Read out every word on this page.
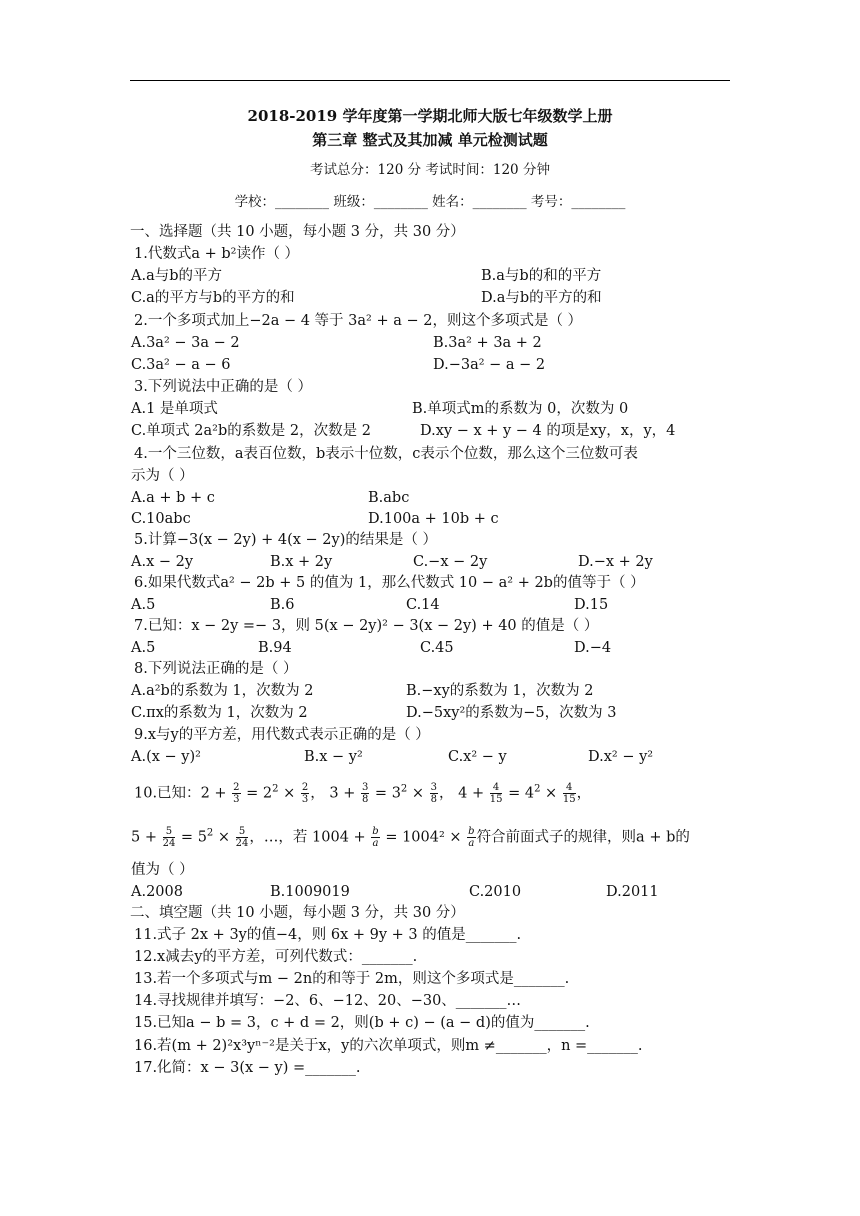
2018-2019 学年度第一学期北师大版七年级数学上册
第三章 整式及其加减 单元检测试题
考试总分：120 分 考试时间：120 分钟
学校：________ 班级：________ 姓名：________ 考号：________
一、选择题（共 10 小题，每小题 3 分，共 30 分）
1.代数式a + b²读作（ ）
A.a与b的平方	B.a与b的和的平方
C.a的平方与b的平方的和	D.a与b的平方的和
2.一个多项式加上−2a − 4 等于 3a² + a − 2，则这个多项式是（ ）
A.3a² − 3a − 2	B.3a² + 3a + 2
C.3a² − a − 6	D.−3a² − a − 2
3.下列说法中正确的是（ ）
A.1 是单项式	B.单项式m的系数为 0，次数为 0
C.单项式 2a²b的系数是 2，次数是 2	D.xy − x + y − 4 的项是xy，x，y，4
4.一个三位数，a表百位数，b表示十位数，c表示个位数，那么这个三位数可表
示为（ ）
A.a + b + c	B.abc
C.10abc	D.100a + 10b + c
5.计算−3(x − 2y) + 4(x − 2y)的结果是（ ）
A.x − 2y	B.x + 2y	C.−x − 2y	D.−x + 2y
6.如果代数式a² − 2b + 5 的值为 1，那么代数式 10 − a² + 2b的值等于（ ）
A.5	B.6	C.14	D.15
7.已知：x − 2y =− 3，则 5(x − 2y)² − 3(x − 2y) + 40 的值是（ ）
A.5	B.94	C.45	D.−4
8.下列说法正确的是（ ）
A.a²b的系数为 1，次数为 2	B.−xy的系数为 1，次数为 2
C.πx的系数为 1，次数为 2	D.−5xy²的系数为−5，次数为 3
9.x与y的平方差，用代数式表示正确的是（ ）
A.(x − y)²	B.x − y²	C.x² − y	D.x² − y²
10.已知：$2 + \frac{2}{3} = 2^2 \times \frac{2}{3}$ ， $3 + \frac{3}{8} = 3^2 \times \frac{3}{8}$ ， $4 + \frac{4}{15} = 4^2 \times \frac{4}{15}$ ，
$5 + \frac{5}{24} = 5^2 \times \frac{5}{24}$ ，…，若 $1004 + \frac{b}{a} = 1004^2 \times \frac{b}{a}$ 符合前面式子的规律，则a + b的
值为（ ）
A.2008	B.1009019	C.2010	D.2011
二、填空题（共 10 小题，每小题 3 分，共 30 分）
11.式子 2x + 3y的值−4，则 6x + 9y + 3 的值是_______.
12.x减去y的平方差，可列代数式：_______.
13.若一个多项式与m − 2n的和等于 2m，则这个多项式是_______.
14.寻找规律并填写：−2、6、−12、20、−30、_______…
15.已知a − b = 3，c + d = 2，则(b + c) − (a − d)的值为_______.
16.若(m + 2)²x³yⁿ⁻²是关于x，y的六次单项式，则m ≠_______，n =_______.
17.化简：x − 3(x − y) =_______.
